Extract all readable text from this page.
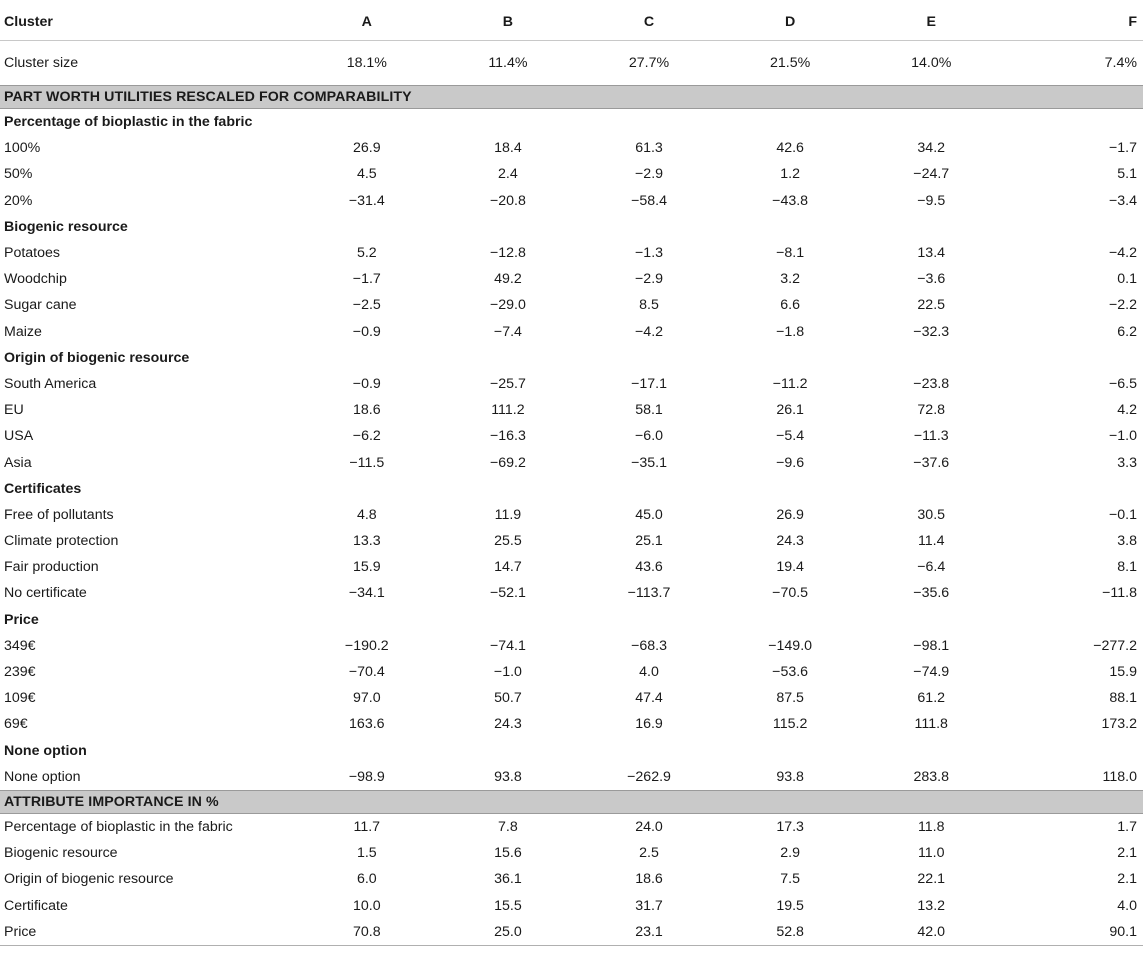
Cluster	A	B	C	D	E	F
Cluster size	18.1%	11.4%	27.7%	21.5%	14.0%	7.4%
PART WORTH UTILITIES RESCALED FOR COMPARABILITY						
Percentage of bioplastic in the fabric						
100%	26.9	18.4	61.3	42.6	34.2	−1.7
50%	4.5	2.4	−2.9	1.2	−24.7	5.1
20%	−31.4	−20.8	−58.4	−43.8	−9.5	−3.4
Biogenic resource						
Potatoes	5.2	−12.8	−1.3	−8.1	13.4	−4.2
Woodchip	−1.7	49.2	−2.9	3.2	−3.6	0.1
Sugar cane	−2.5	−29.0	8.5	6.6	22.5	−2.2
Maize	−0.9	−7.4	−4.2	−1.8	−32.3	6.2
Origin of biogenic resource						
South America	−0.9	−25.7	−17.1	−11.2	−23.8	−6.5
EU	18.6	111.2	58.1	26.1	72.8	4.2
USA	−6.2	−16.3	−6.0	−5.4	−11.3	−1.0
Asia	−11.5	−69.2	−35.1	−9.6	−37.6	3.3
Certificates						
Free of pollutants	4.8	11.9	45.0	26.9	30.5	−0.1
Climate protection	13.3	25.5	25.1	24.3	11.4	3.8
Fair production	15.9	14.7	43.6	19.4	−6.4	8.1
No certificate	−34.1	−52.1	−113.7	−70.5	−35.6	−11.8
Price						
349€	−190.2	−74.1	−68.3	−149.0	−98.1	−277.2
239€	−70.4	−1.0	4.0	−53.6	−74.9	15.9
109€	97.0	50.7	47.4	87.5	61.2	88.1
69€	163.6	24.3	16.9	115.2	111.8	173.2
None option						
None option	−98.9	93.8	−262.9	93.8	283.8	118.0
ATTRIBUTE IMPORTANCE IN %						
Percentage of bioplastic in the fabric	11.7	7.8	24.0	17.3	11.8	1.7
Biogenic resource	1.5	15.6	2.5	2.9	11.0	2.1
Origin of biogenic resource	6.0	36.1	18.6	7.5	22.1	2.1
Certificate	10.0	15.5	31.7	19.5	13.2	4.0
Price	70.8	25.0	23.1	52.8	42.0	90.1
